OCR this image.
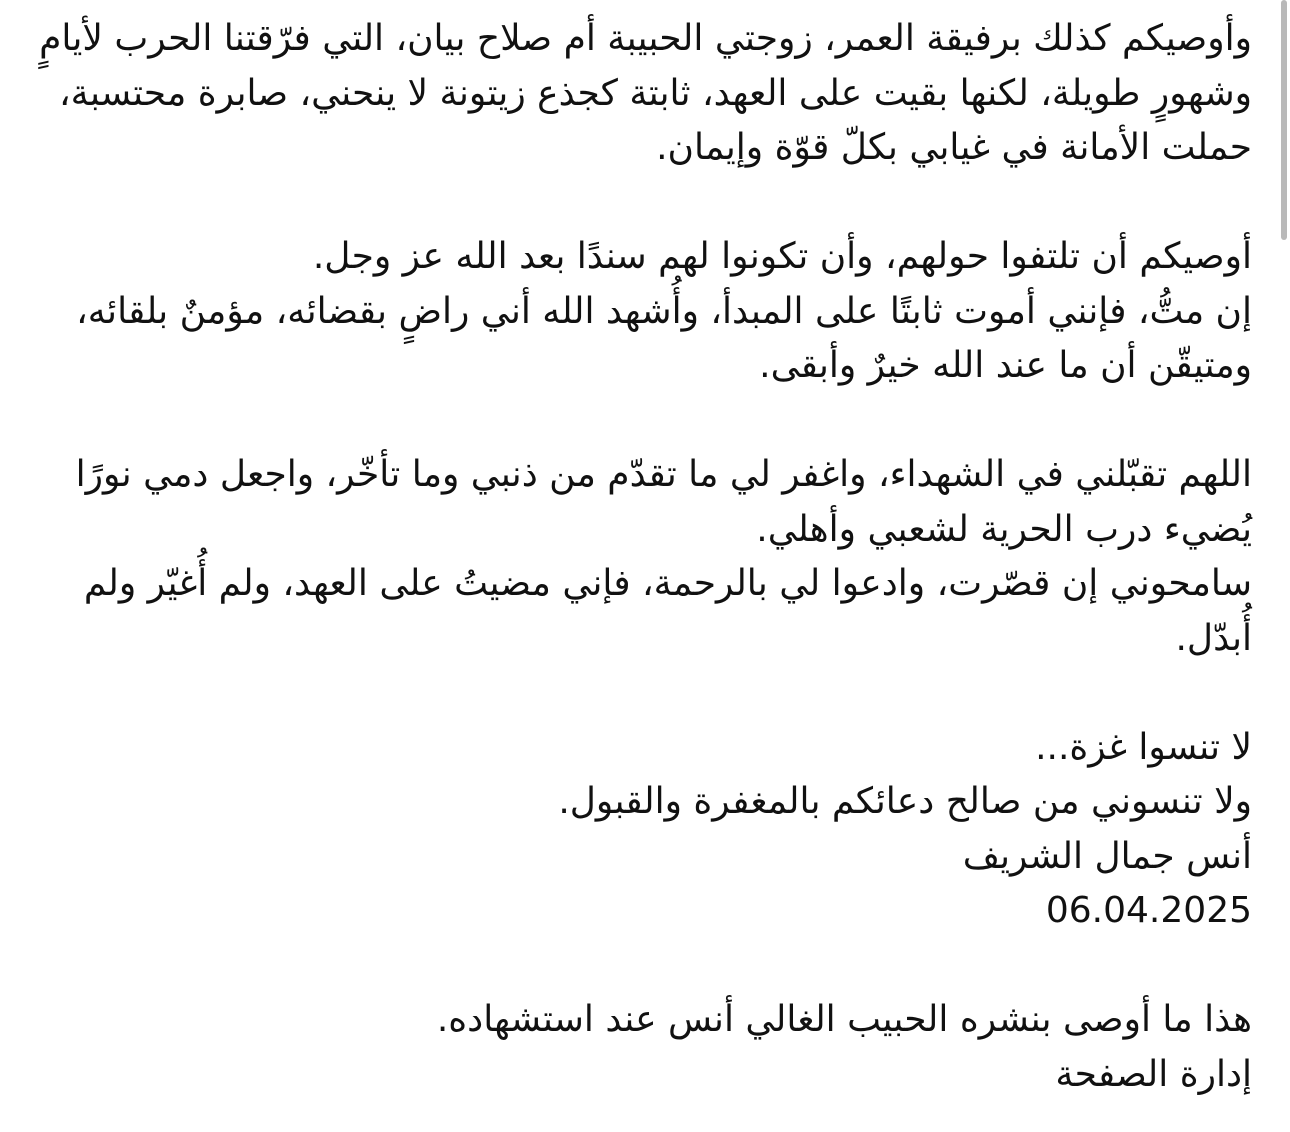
وأوصيكم كذلك برفيقة العمر، زوجتي الحبيبة أم صلاح بيان، التي فرّقتنا الحرب لأيامٍ وشهورٍ طويلة، لكنها بقيت على العهد، ثابتة كجذع زيتونة لا ينحني، صابرة محتسبة، حملت الأمانة في غيابي بكلّ قوّة وإيمان.

أوصيكم أن تلتفوا حولهم، وأن تكونوا لهم سندًا بعد الله عز وجل.
إن متُّ، فإنني أموت ثابتًا على المبدأ، وأُشهد الله أني راضٍ بقضائه، مؤمنٌ بلقائه، ومتيقّن أن ما عند الله خيرٌ وأبقى.

اللهم تقبّلني في الشهداء، واغفر لي ما تقدّم من ذنبي وما تأخّر، واجعل دمي نورًا يُضيء درب الحرية لشعبي وأهلي.
سامحوني إن قصّرت، وادعوا لي بالرحمة، فإني مضيتُ على العهد، ولم أُغيّر ولم أُبدّل.

لا تنسوا غزة...
ولا تنسوني من صالح دعائكم بالمغفرة والقبول.
أنس جمال الشريف
06.04.2025

هذا ما أوصى بنشره الحبيب الغالي أنس عند استشهاده.
إدارة الصفحة
